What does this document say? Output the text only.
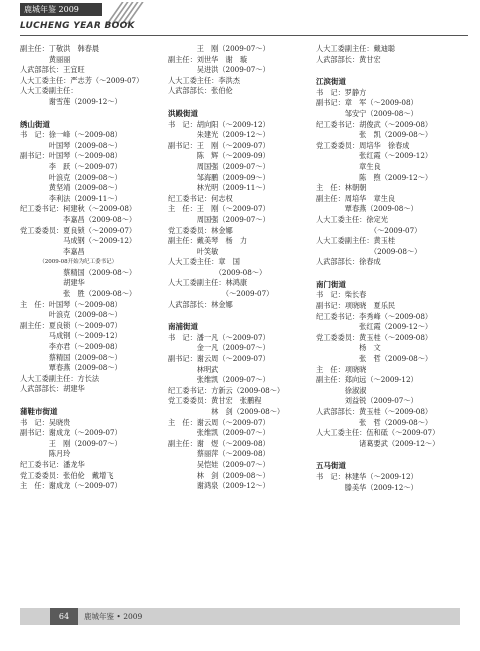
鹿城年鉴 2009
LUCHENG YEAR BOOK
副主任：丁敬洪　韩春晨
　　　　黄丽丽
人武部部长：王宜旺
人大工委主任：严志芳（～2009-07）
人大工委副主任：
　　　　谢雪莲（2009-12～）
绣山街道
书　记：徐一峰（～2009-08）
　　　　叶国琴（2009-08～）
副书记：叶国琴（～2009-08）
　　　　李　跃（～2009-07）
　　　　叶浪克（2009-08～）
　　　　黄坚靖（2009-08～）
　　　　李利法（2009-11～）
纪工委书记：柯建秋（～2009-08）
　　　　　　李嘉昌（2009-08～）
党工委委员：夏良锁（～2009-07）
　　　　　　马成钢（～2009-12）
　　　　　　李嘉昌
　　　　（2009-08开始为纪工委书记）
　　　　　　蔡精国（2009-08～）
　　　　　　胡建华
　　　　　　张　胜（2009-08～）
主　任：叶国琴（～2009-08）
　　　　叶浪克（2009-08～）
副主任：夏良锁（～2009-07）
　　　　马成钢（～2009-12）
　　　　李亦君（～2009-08）
　　　　蔡精国（2009-08～）
　　　　覃春燕（2009-08～）
人大工委副主任：方长法
人武部部长：胡建华
蒲鞋市街道
书　记：吴晓贵
副书记：谢成龙（～2009-07）
　　　　王　刚（2009-07～）
　　　　陈月玲
纪工委书记：潘龙华
党工委委员：张伯伦　戴增飞
主　任：谢成龙（～2009-07）
　　　　王　刚（2009-07～）
副主任：刘世华　谢　璇
　　　　吴进洪（2009-07～）
人大工委主任：李洪杰
人武部部长：张伯伦
洪殿街道
书　记：胡向阳（～2009-12）
　　　　朱建光（2009-12～）
副书记：王　刚（～2009-07）
　　　　陈　辉（～2009-09）
　　　　周国强（2009-07～）
　　　　邹海鹏（2009-09～）
　　　　林光明（2009-11～）
纪工委书记：何志权
主　任：王　刚（～2009-07）
　　　　周国强（2009-07～）
党工委委员：林金娜
副主任：戴美琴　杨　力
　　　　叶笑敏
人大工委主任：章　国
　　　　　　　（2009-08～）
人大工委副主任：林鸿康
　　　　　　　　（～2009-07）
人武部部长：林金娜
南浦街道
书　记：潘一凡（～2009-07）
　　　　金一凡（2009-07～）
副书记：谢云周（～2009-07）
　　　　林明武
　　　　张维凯（2009-07～）
纪工委书记：方新云（2009-08～）
党工委委员：黄甘宏　张鹏程
　　　　　　林　剑（2009-08～）
主　任：谢云周（～2009-07）
　　　　张维凯（2009-07～）
副主任：谢　煜（～2009-08）
　　　　蔡丽萍（～2009-08）
　　　　吴恺娃（2009-07～）
　　　　林　剑（2009-08～）
　　　　谢鸿泉（2009-12～）
人大工委副主任：戴迪聪
人武部部长：黄甘宏
江滨街道
书　记：罗静方
副书记：章　军（～2009-08）
　　　　邹安宁（2009-08～）
纪工委书记：胡俊武（～2009-08）
　　　　　　张　凯（2009-08～）
党工委委员：周培华　徐春成
　　　　　　张红霞（～2009-12）
　　　　　　章生良
　　　　　　陈　煦（2009-12～）
主　任：林朝朝
副主任：周培华　章生良
　　　　覃春燕（2009-08～）
人大工委主任：徐定光
　　　　　　　　（～2009-07）
人大工委副主任：黄玉桂
　　　　　　　　（2009-08～）
人武部部长：徐春成
南门街道
书　记：柴长春
副书记：项晓晓　夏乐民
纪工委书记：李秀峰（～2009-08）
　　　　　　张红霞（2009-12～）
党工委委员：黄玉桂（～2009-08）
　　　　　　杨　文
　　　　　　张　哲（2009-08～）
主　任：项晓晓
副主任：郑向远（～2009-12）
　　　　徐淑淑
　　　　刘益锐（2009-07～）
人武部部长：黄玉桂（～2009-08）
　　　　　　张　哲（2009-08～）
人大工委主任：伍和砥（～2009-07）
　　　　　　诸葛要武（2009-12～）
五马街道
书　记：林建华（～2009-12）
　　　　滕美华（2009-12～）
64	鹿城年鉴 • 2009
